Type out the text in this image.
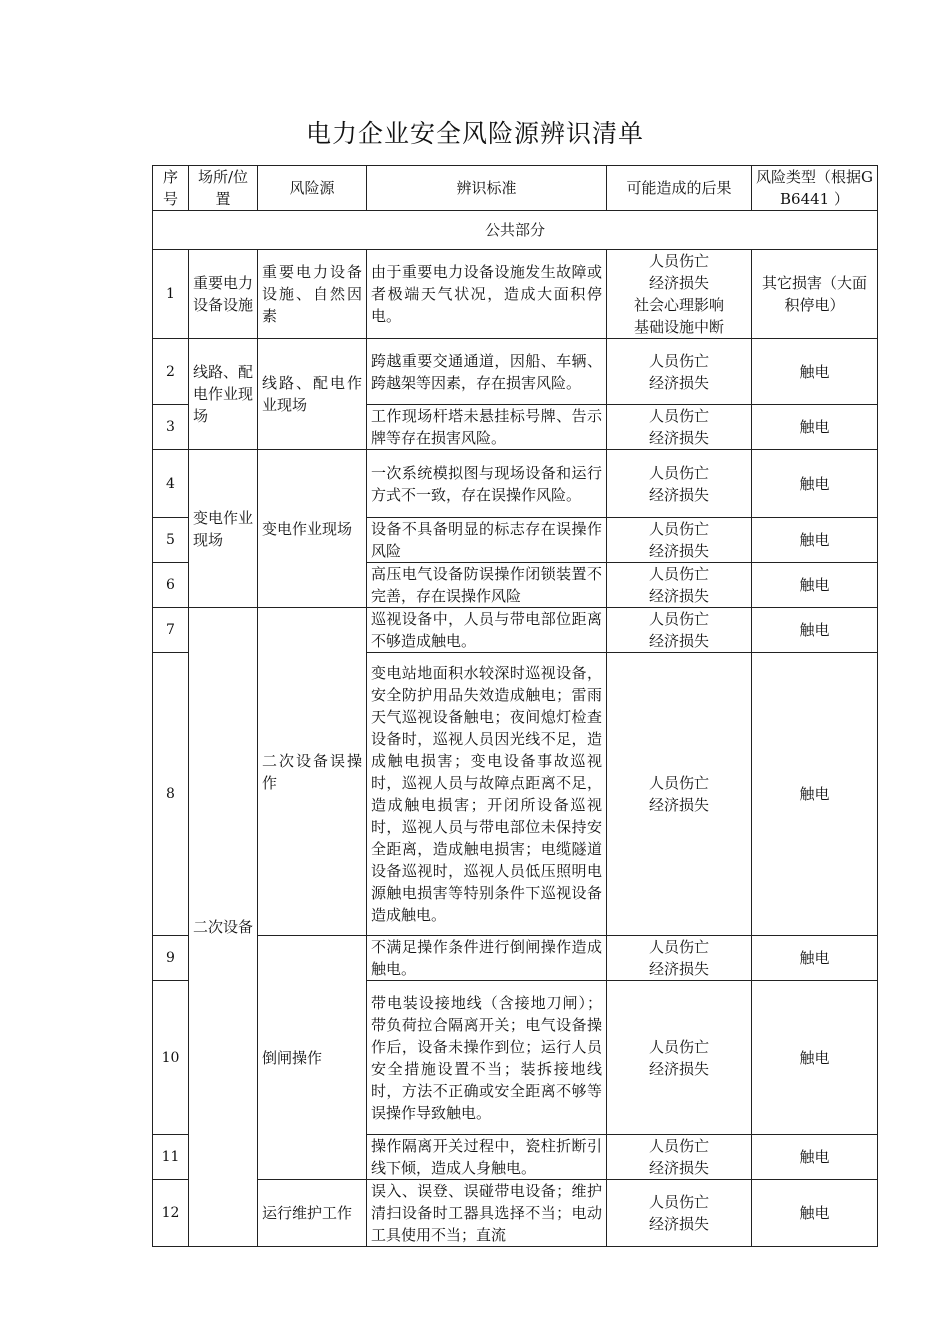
电力企业安全风险源辨识清单
序号	场所/位置	风险源	辨识标准	可能造成的后果	风险类型（根据GB6441 ）
公共部分					
1	重要电力设备设施	重要电力设备设施、自然因素	由于重要电力设备设施发生故障或者极端天气状况，造成大面积停电。	人员伤亡
经济损失
社会心理影响
基础设施中断	其它损害（大面积停电）
2	线路、配电作业现场	线路、配电作业现场	跨越重要交通通道，因船、车辆、跨越架等因素，存在损害风险。	人员伤亡
经济损失	触电
3			工作现场杆塔未悬挂标号牌、告示牌等存在损害风险。	人员伤亡
经济损失	触电
4	变电作业现场	变电作业现场	一次系统模拟图与现场设备和运行方式不一致，存在误操作风险。	人员伤亡
经济损失	触电
5			设备不具备明显的标志存在误操作风险	人员伤亡
经济损失	触电
6			高压电气设备防误操作闭锁装置不完善，存在误操作风险	人员伤亡
经济损失	触电
7	二次设备	二次设备误操作	巡视设备中，人员与带电部位距离不够造成触电。	人员伤亡
经济损失	触电
8			变电站地面积水较深时巡视设备，安全防护用品失效造成触电；雷雨天气巡视设备触电；夜间熄灯检查设备时，巡视人员因光线不足，造成触电损害；变电设备事故巡视时，巡视人员与故障点距离不足，造成触电损害；开闭所设备巡视时，巡视人员与带电部位未保持安全距离，造成触电损害；电缆隧道设备巡视时，巡视人员低压照明电源触电损害等特别条件下巡视设备造成触电。	人员伤亡
经济损失	触电
9		倒闸操作	不满足操作条件进行倒闸操作造成触电。	人员伤亡
经济损失	触电
10			带电装设接地线（含接地刀闸）；带负荷拉合隔离开关；电气设备操作后，设备未操作到位；运行人员安全措施设置不当；装拆接地线时，方法不正确或安全距离不够等误操作导致触电。	人员伤亡
经济损失	触电
11			操作隔离开关过程中，瓷柱折断引线下倾，造成人身触电。	人员伤亡
经济损失	触电
12		运行维护工作	误入、误登、误碰带电设备；维护清扫设备时工器具选择不当；电动工具使用不当；直流	人员伤亡
经济损失	触电
